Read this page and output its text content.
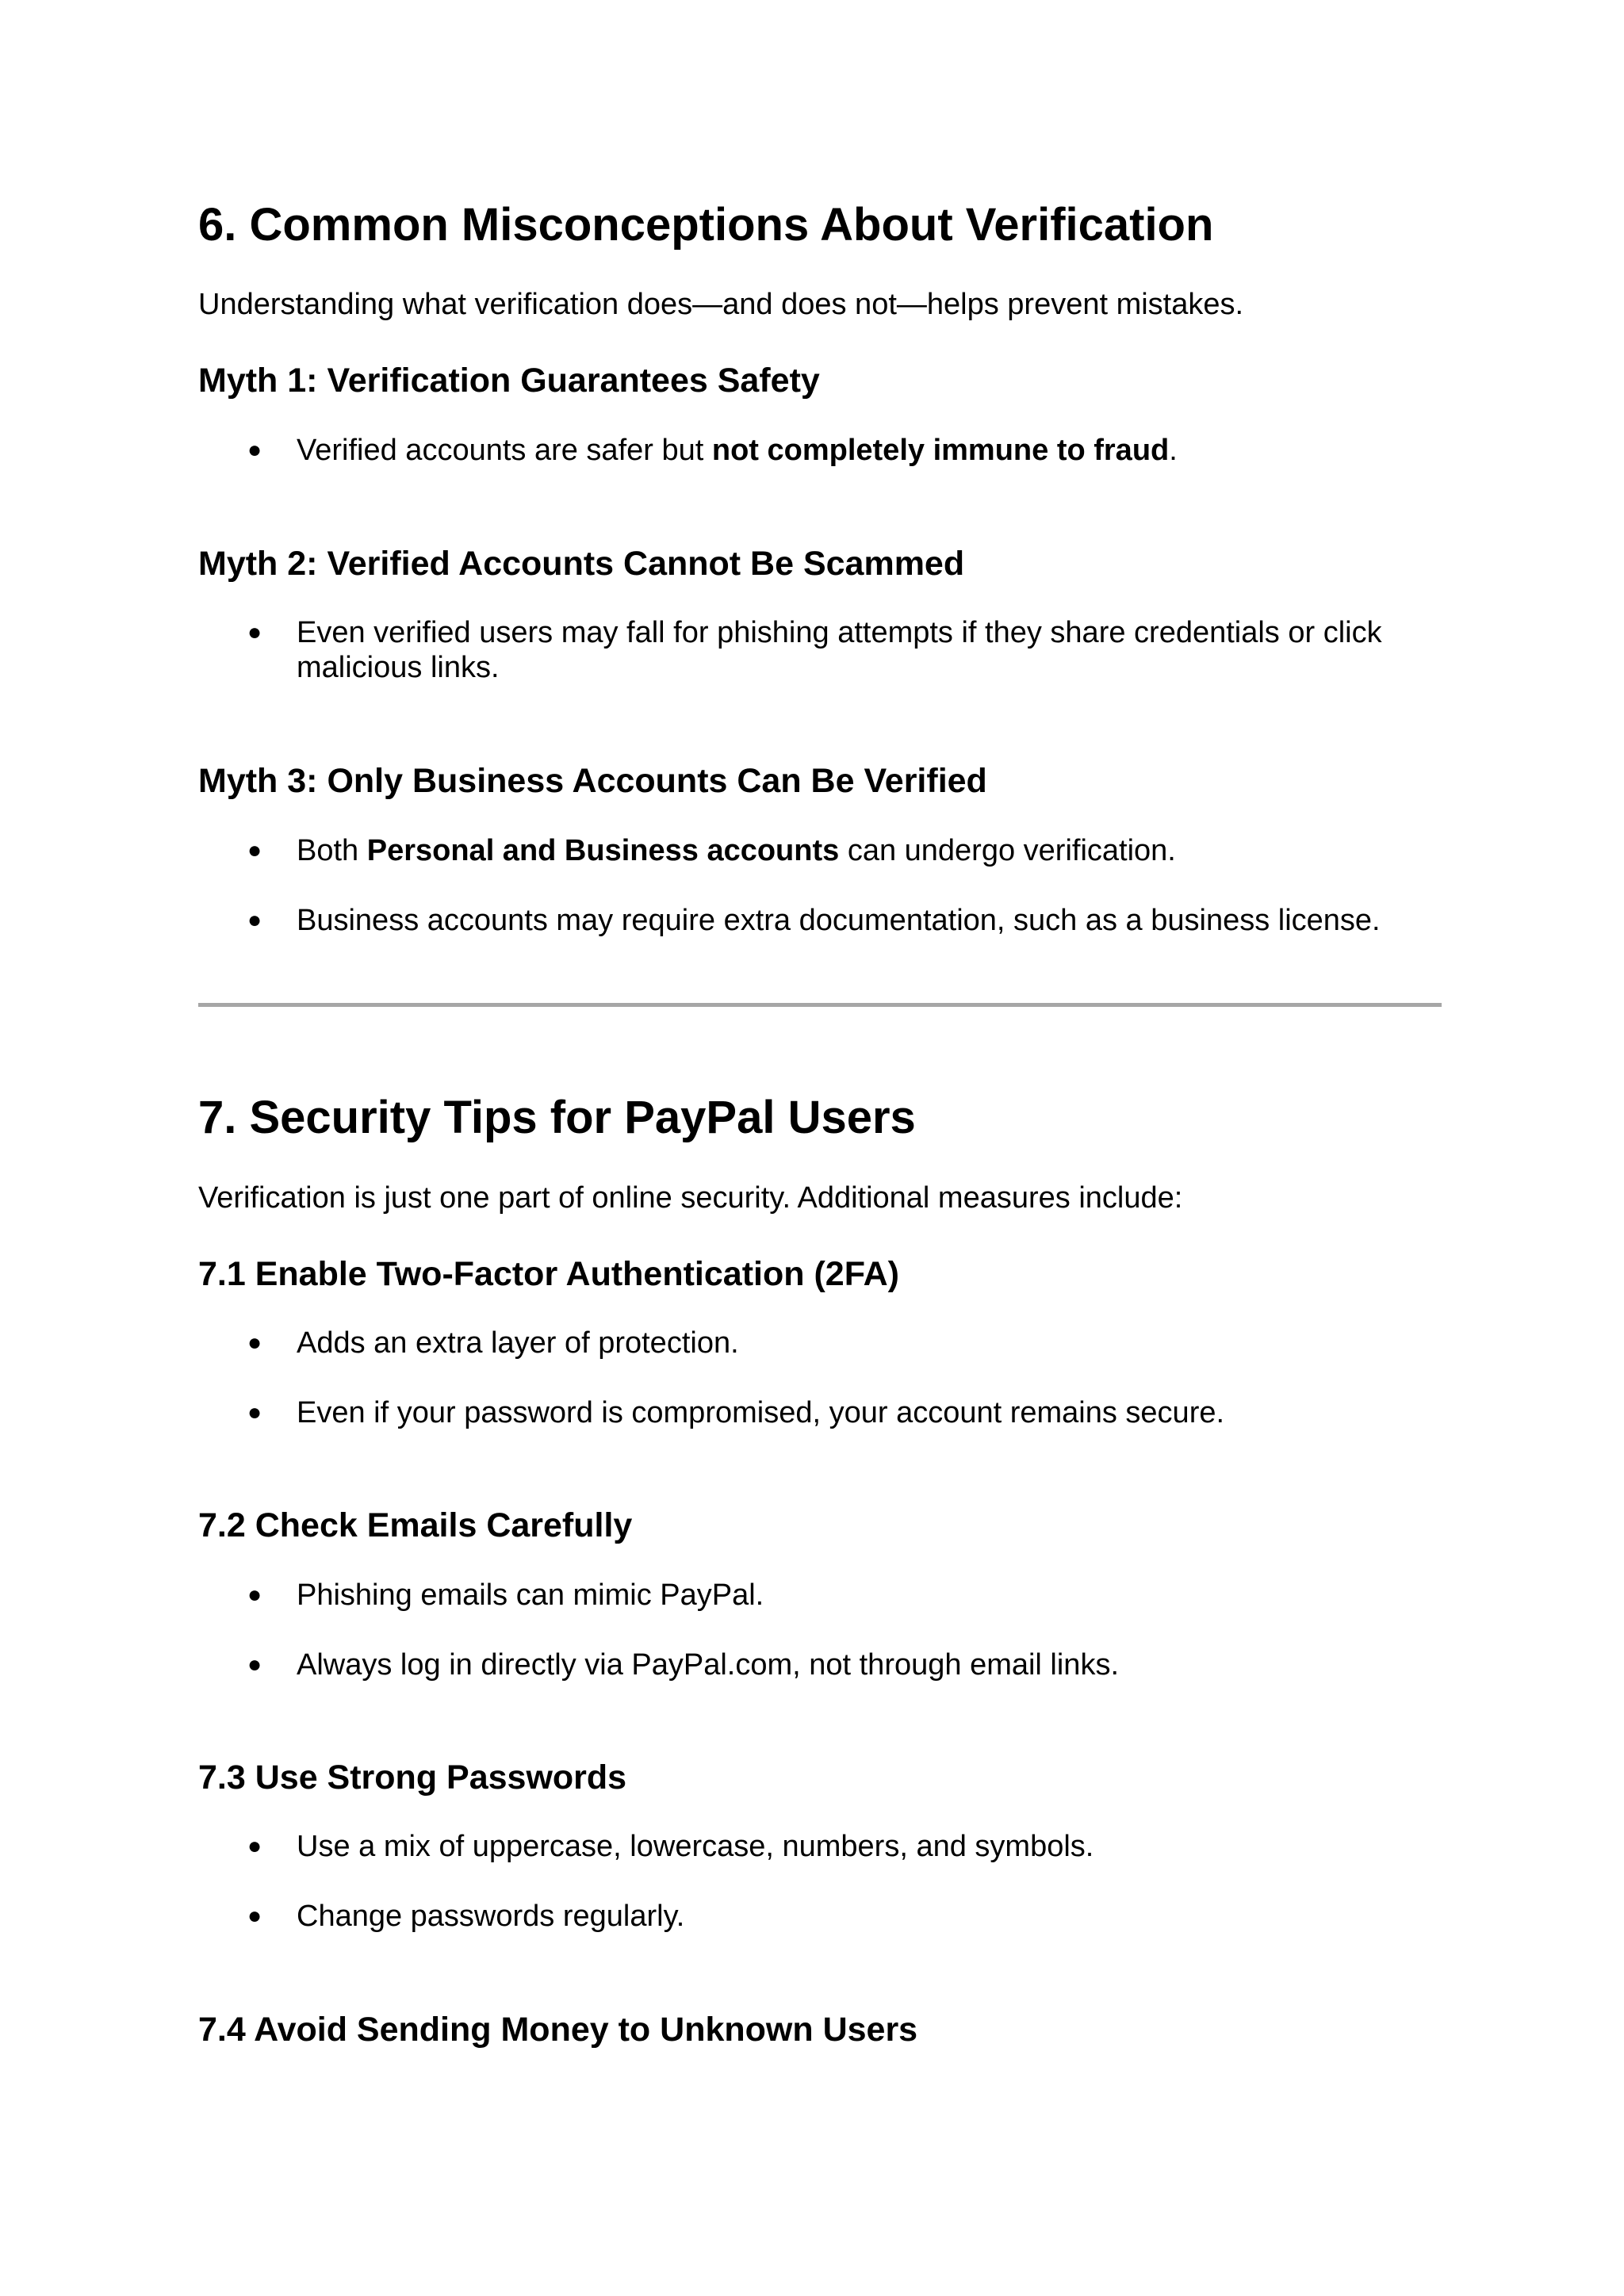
6. Common Misconceptions About Verification
Understanding what verification does—and does not—helps prevent mistakes.
Myth 1: Verification Guarantees Safety
● Verified accounts are safer but not completely immune to fraud.
Myth 2: Verified Accounts Cannot Be Scammed
● Even verified users may fall for phishing attempts if they share credentials or click malicious links.
Myth 3: Only Business Accounts Can Be Verified
● Both Personal and Business accounts can undergo verification.
● Business accounts may require extra documentation, such as a business license.
7. Security Tips for PayPal Users
Verification is just one part of online security. Additional measures include:
7.1 Enable Two-Factor Authentication (2FA)
● Adds an extra layer of protection.
● Even if your password is compromised, your account remains secure.
7.2 Check Emails Carefully
● Phishing emails can mimic PayPal.
● Always log in directly via PayPal.com, not through email links.
7.3 Use Strong Passwords
● Use a mix of uppercase, lowercase, numbers, and symbols.
● Change passwords regularly.
7.4 Avoid Sending Money to Unknown Users
